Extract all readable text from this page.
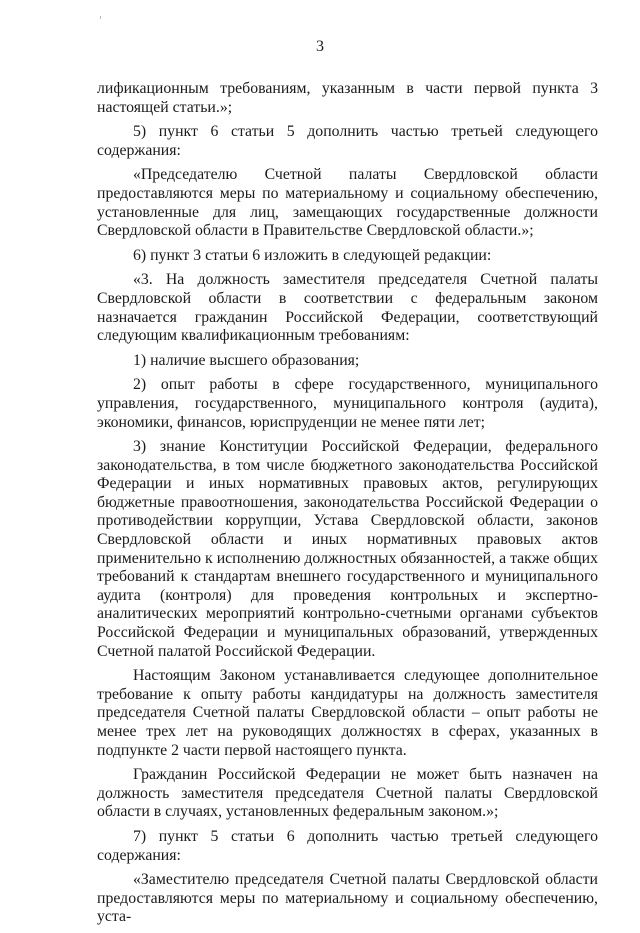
3

лификационным требованиям, указанным в части первой пункта 3 настоящей статьи.»;

5) пункт 6 статьи 5 дополнить частью третьей следующего содержания:

«Председателю Счетной палаты Свердловской области предоставляются меры по материальному и социальному обеспечению, установленные для лиц, замещающих государственные должности Свердловской области в Правительстве Свердловской области.»;

6) пункт 3 статьи 6 изложить в следующей редакции:

«3. На должность заместителя председателя Счетной палаты Свердловской области в соответствии с федеральным законом назначается гражданин Российской Федерации, соответствующий следующим квалификационным требованиям:

1) наличие высшего образования;

2) опыт работы в сфере государственного, муниципального управления, государственного, муниципального контроля (аудита), экономики, финансов, юриспруденции не менее пяти лет;

3) знание Конституции Российской Федерации, федерального законодательства, в том числе бюджетного законодательства Российской Федерации и иных нормативных правовых актов, регулирующих бюджетные правоотношения, законодательства Российской Федерации о противодействии коррупции, Устава Свердловской области, законов Свердловской области и иных нормативных правовых актов применительно к исполнению должностных обязанностей, а также общих требований к стандартам внешнего государственного и муниципального аудита (контроля) для проведения контрольных и экспертно-аналитических мероприятий контрольно-счетными органами субъектов Российской Федерации и муниципальных образований, утвержденных Счетной палатой Российской Федерации.

Настоящим Законом устанавливается следующее дополнительное требование к опыту работы кандидатуры на должность заместителя председателя Счетной палаты Свердловской области – опыт работы не менее трех лет на руководящих должностях в сферах, указанных в подпункте 2 части первой настоящего пункта.

Гражданин Российской Федерации не может быть назначен на должность заместителя председателя Счетной палаты Свердловской области в случаях, установленных федеральным законом.»;

7) пункт 5 статьи 6 дополнить частью третьей следующего содержания:

«Заместителю председателя Счетной палаты Свердловской области предоставляются меры по материальному и социальному обеспечению, уста-
